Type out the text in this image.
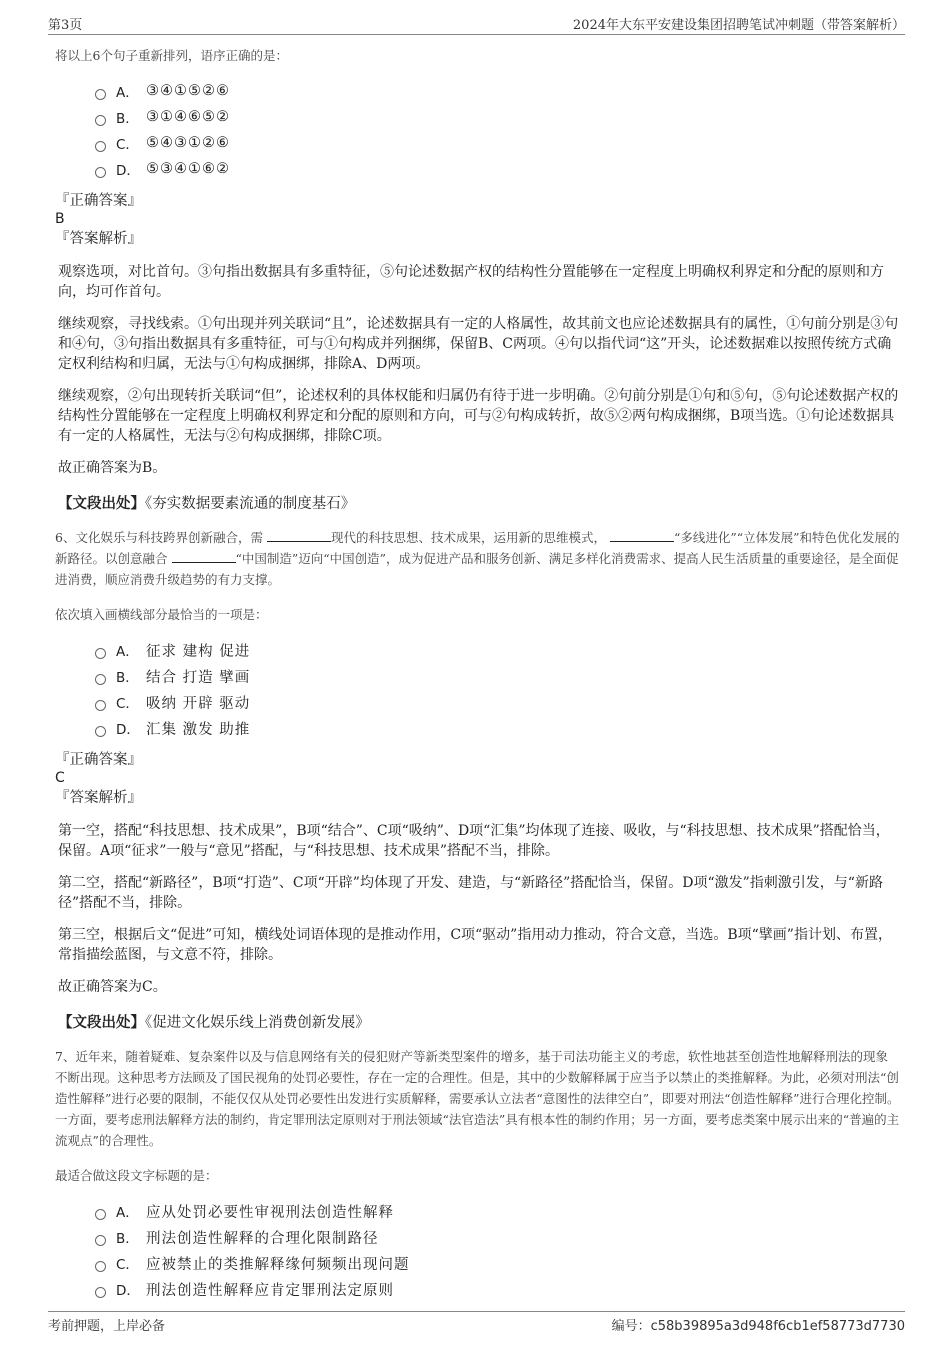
第3页	2024年大东平安建设集团招聘笔试冲刺题（带答案解析）

将以上6个句子重新排列，语序正确的是：

A． ③④①⑤②⑥
B． ③①④⑥⑤②
C． ⑤④③①②⑥
D． ⑤③④①⑥②

『正确答案』

B

『答案解析』

观察选项，对比首句。③句指出数据具有多重特征，⑤句论述数据产权的结构性分置能够在一定程度上明确权利界定和分配的原则和方向，均可作首句。

继续观察，寻找线索。①句出现并列关联词“且”，论述数据具有一定的人格属性，故其前文也应论述数据具有的属性，①句前分别是③句和④句，③句指出数据具有多重特征，可与①句构成并列捆绑，保留B、C两项。④句以指代词“这”开头，论述数据难以按照传统方式确定权利结构和归属，无法与①句构成捆绑，排除A、D两项。

继续观察，②句出现转折关联词“但”，论述权利的具体权能和归属仍有待于进一步明确。②句前分别是①句和⑤句，⑤句论述数据产权的结构性分置能够在一定程度上明确权利界定和分配的原则和方向，可与②句构成转折，故⑤②两句构成捆绑，B项当选。①句论述数据具有一定的人格属性，无法与②句构成捆绑，排除C项。

故正确答案为B。

【文段出处】《夯实数据要素流通的制度基石》

6、文化娱乐与科技跨界创新融合，需	现代的科技思想、技术成果，运用新的思维模式，	“多线进化”“立体发展”和特色优化发展的新路径。以创意融合	“中国制造”迈向“中国创造”，成为促进产品和服务创新、满足多样化消费需求、提高人民生活质量的重要途径，是全面促进消费，顺应消费升级趋势的有力支撑。

依次填入画横线部分最恰当的一项是：

A． 征求 建构 促进
B． 结合 打造 擘画
C． 吸纳 开辟 驱动
D． 汇集 激发 助推

『正确答案』

C

『答案解析』

第一空，搭配“科技思想、技术成果”，B项“结合”、C项“吸纳”、D项“汇集”均体现了连接、吸收，与“科技思想、技术成果”搭配恰当，保留。A项“征求”一般与“意见”搭配，与“科技思想、技术成果”搭配不当，排除。

第二空，搭配“新路径”，B项“打造”、C项“开辟”均体现了开发、建造，与“新路径”搭配恰当，保留。D项“激发”指刺激引发，与“新路径”搭配不当，排除。

第三空，根据后文“促进”可知，横线处词语体现的是推动作用，C项“驱动”指用动力推动，符合文意，当选。B项“擘画”指计划、布置，常指描绘蓝图，与文意不符，排除。

故正确答案为C。

【文段出处】《促进文化娱乐线上消费创新发展》

7、近年来，随着疑难、复杂案件以及与信息网络有关的侵犯财产等新类型案件的增多，基于司法功能主义的考虑，软性地甚至创造性地解释刑法的现象不断出现。这种思考方法顾及了国民视角的处罚必要性，存在一定的合理性。但是，其中的少数解释属于应当予以禁止的类推解释。为此，必须对刑法“创造性解释”进行必要的限制，不能仅仅从处罚必要性出发进行实质解释，需要承认立法者“意图性的法律空白”，即要对刑法“创造性解释”进行合理化控制。一方面，要考虑刑法解释方法的制约，肯定罪刑法定原则对于刑法领域“法官造法”具有根本性的制约作用；另一方面，要考虑类案中展示出来的“普遍的主流观点”的合理性。

最适合做这段文字标题的是：

A． 应从处罚必要性审视刑法创造性解释
B． 刑法创造性解释的合理化限制路径
C． 应被禁止的类推解释缘何频频出现问题
D． 刑法创造性解释应肯定罪刑法定原则
考前押题，上岸必备	编号：c58b39895a3d948f6cb1ef58773d7730
